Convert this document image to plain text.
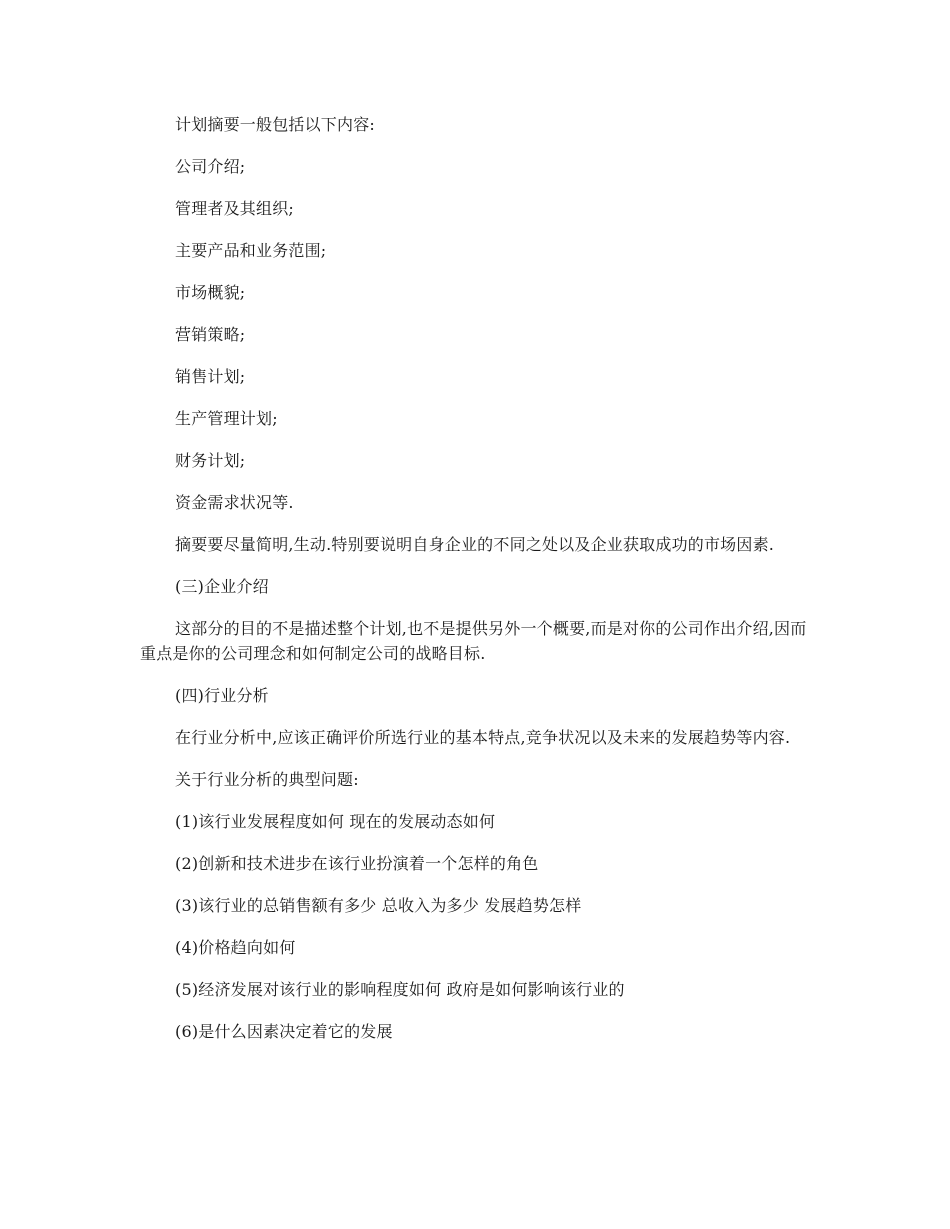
计划摘要一般包括以下内容:

公司介绍;

管理者及其组织;

主要产品和业务范围;

市场概貌;

营销策略;

销售计划;

生产管理计划;

财务计划;

资金需求状况等.

摘要要尽量简明,生动.特别要说明自身企业的不同之处以及企业获取成功的市场因素.

(三)企业介绍

这部分的目的不是描述整个计划,也不是提供另外一个概要,而是对你的公司作出介绍,因而重点是你的公司理念和如何制定公司的战略目标.

(四)行业分析

在行业分析中,应该正确评价所选行业的基本特点,竞争状况以及未来的发展趋势等内容.

关于行业分析的典型问题:

(1)该行业发展程度如何 现在的发展动态如何

(2)创新和技术进步在该行业扮演着一个怎样的角色

(3)该行业的总销售额有多少 总收入为多少 发展趋势怎样

(4)价格趋向如何

(5)经济发展对该行业的影响程度如何 政府是如何影响该行业的

(6)是什么因素决定着它的发展
